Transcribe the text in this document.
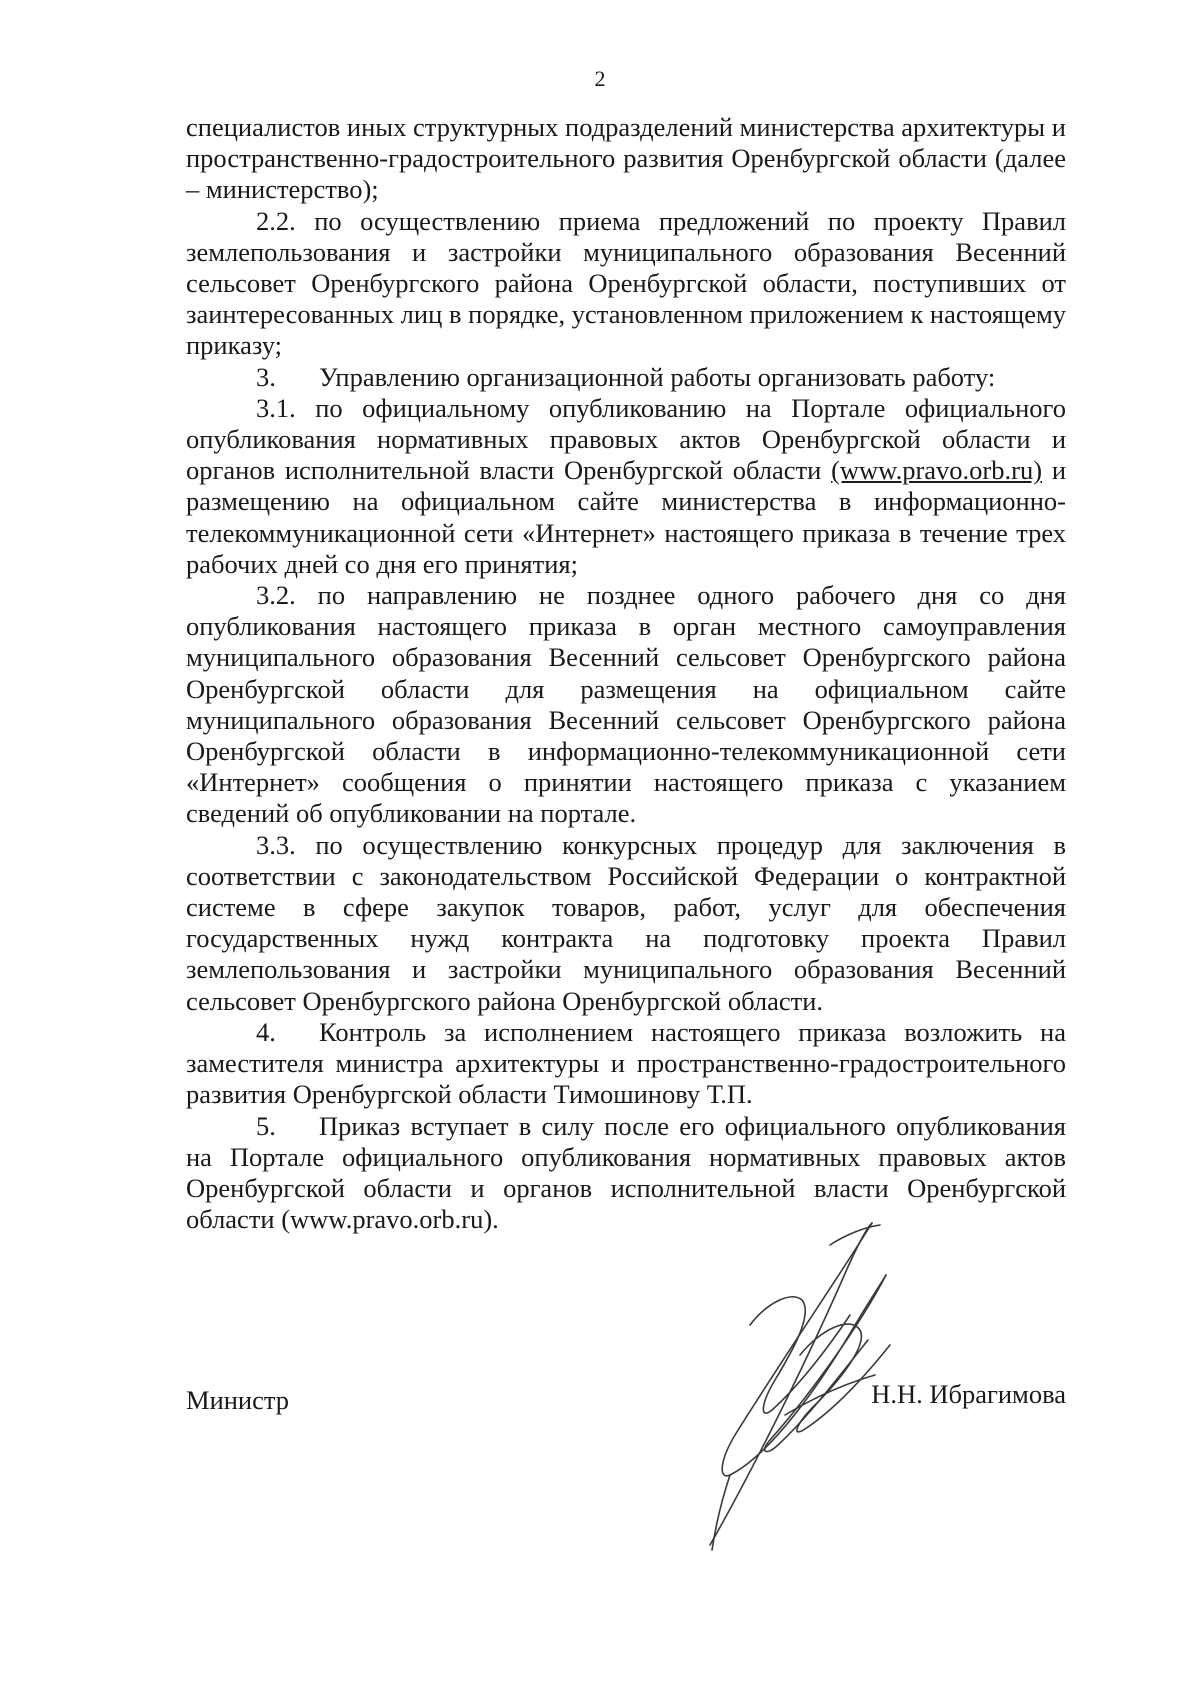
2

специалистов иных структурных подразделений министерства архитектуры и пространственно-градостроительного развития Оренбургской области (далее – министерство);

2.2. по осуществлению приема предложений по проекту Правил землепользования и застройки муниципального образования Весенний сельсовет Оренбургского района Оренбургской области, поступивших от заинтересованных лиц в порядке, установленном приложением к настоящему приказу;

3. Управлению организационной работы организовать работу:

3.1. по официальному опубликованию на Портале официального опубликования нормативных правовых актов Оренбургской области и органов исполнительной власти Оренбургской области (www.pravo.orb.ru) и размещению на официальном сайте министерства в информационно-телекоммуникационной сети «Интернет» настоящего приказа в течение трех рабочих дней со дня его принятия;

3.2. по направлению не позднее одного рабочего дня со дня опубликования настоящего приказа в орган местного самоуправления муниципального образования Весенний сельсовет Оренбургского района Оренбургской области для размещения на официальном сайте муниципального образования Весенний сельсовет Оренбургского района Оренбургской области в информационно-телекоммуникационной сети «Интернет» сообщения о принятии настоящего приказа с указанием сведений об опубликовании на портале.

3.3. по осуществлению конкурсных процедур для заключения в соответствии с законодательством Российской Федерации о контрактной системе в сфере закупок товаров, работ, услуг для обеспечения государственных нужд контракта на подготовку проекта Правил землепользования и застройки муниципального образования Весенний сельсовет Оренбургского района Оренбургской области.

4. Контроль за исполнением настоящего приказа возложить на заместителя министра архитектуры и пространственно-градостроительного развития Оренбургской области Тимошинову Т.П.

5. Приказ вступает в силу после его официального опубликования на Портале официального опубликования нормативных правовых актов Оренбургской области и органов исполнительной власти Оренбургской области (www.pravo.orb.ru).

Министр	Н.Н. Ибрагимова
